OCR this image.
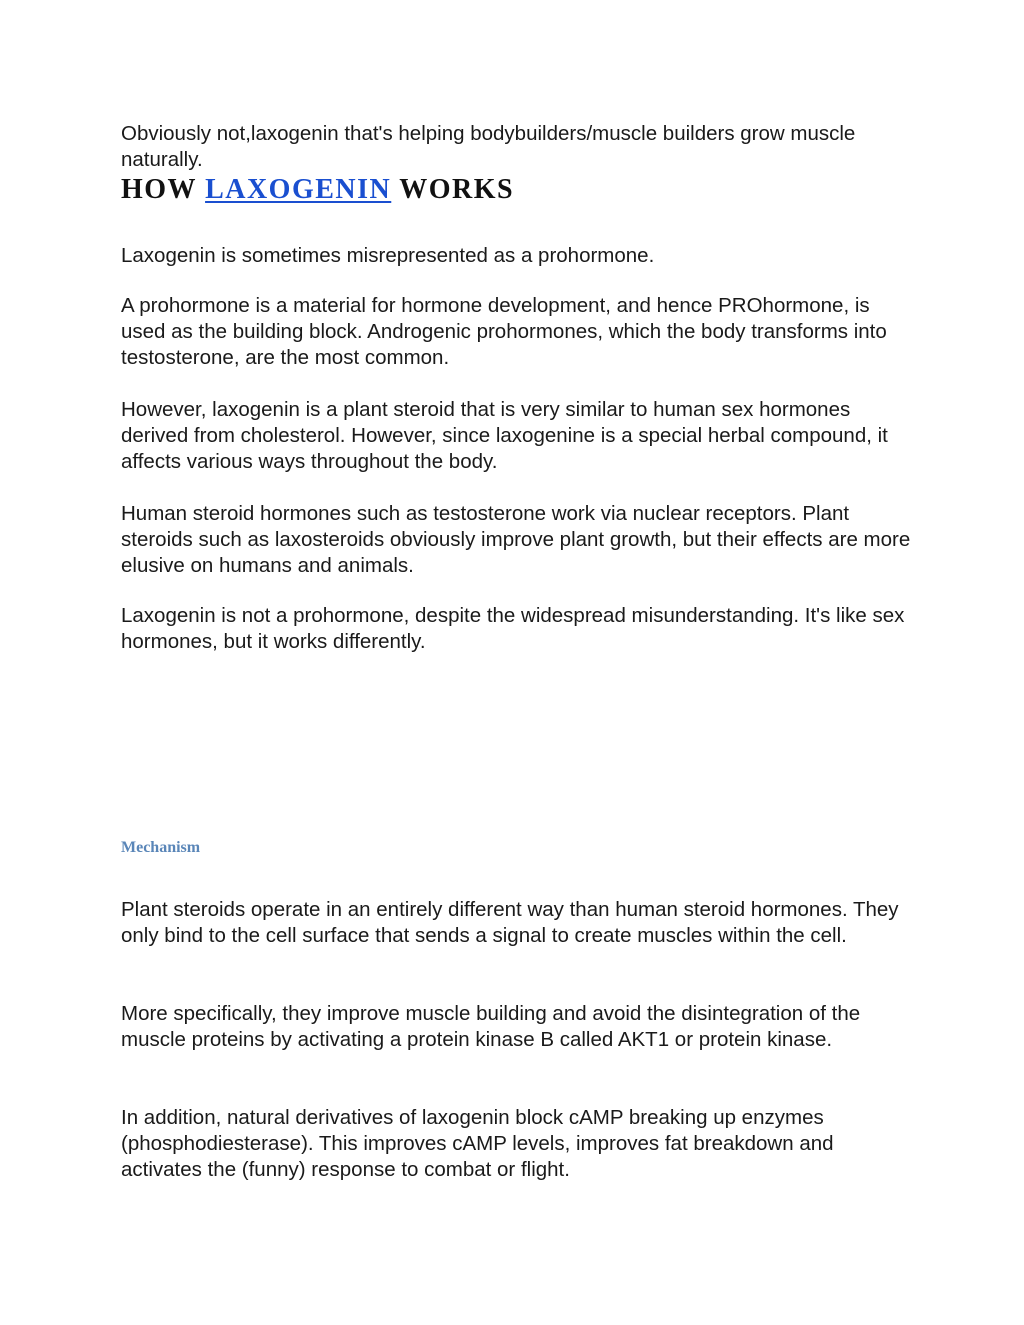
Obviously not,laxogenin that's helping bodybuilders/muscle builders grow muscle naturally.

HOW LAXOGENIN WORKS

Laxogenin is sometimes misrepresented as a prohormone.

A prohormone is a material for hormone development, and hence PROhormone, is used as the building block. Androgenic prohormones, which the body transforms into testosterone, are the most common.

However, laxogenin is a plant steroid that is very similar to human sex hormones derived from cholesterol. However, since laxogenine is a special herbal compound, it affects various ways throughout the body.

Human steroid hormones such as testosterone work via nuclear receptors. Plant steroids such as laxosteroids obviously improve plant growth, but their effects are more elusive on humans and animals.

Laxogenin is not a prohormone, despite the widespread misunderstanding. It's like sex hormones, but it works differently.

Mechanism

Plant steroids operate in an entirely different way than human steroid hormones. They only bind to the cell surface that sends a signal to create muscles within the cell.

More specifically, they improve muscle building and avoid the disintegration of the muscle proteins by activating a protein kinase B called AKT1 or protein kinase.

In addition, natural derivatives of laxogenin block cAMP breaking up enzymes (phosphodiesterase). This improves cAMP levels, improves fat breakdown and activates the (funny) response to combat or flight.
